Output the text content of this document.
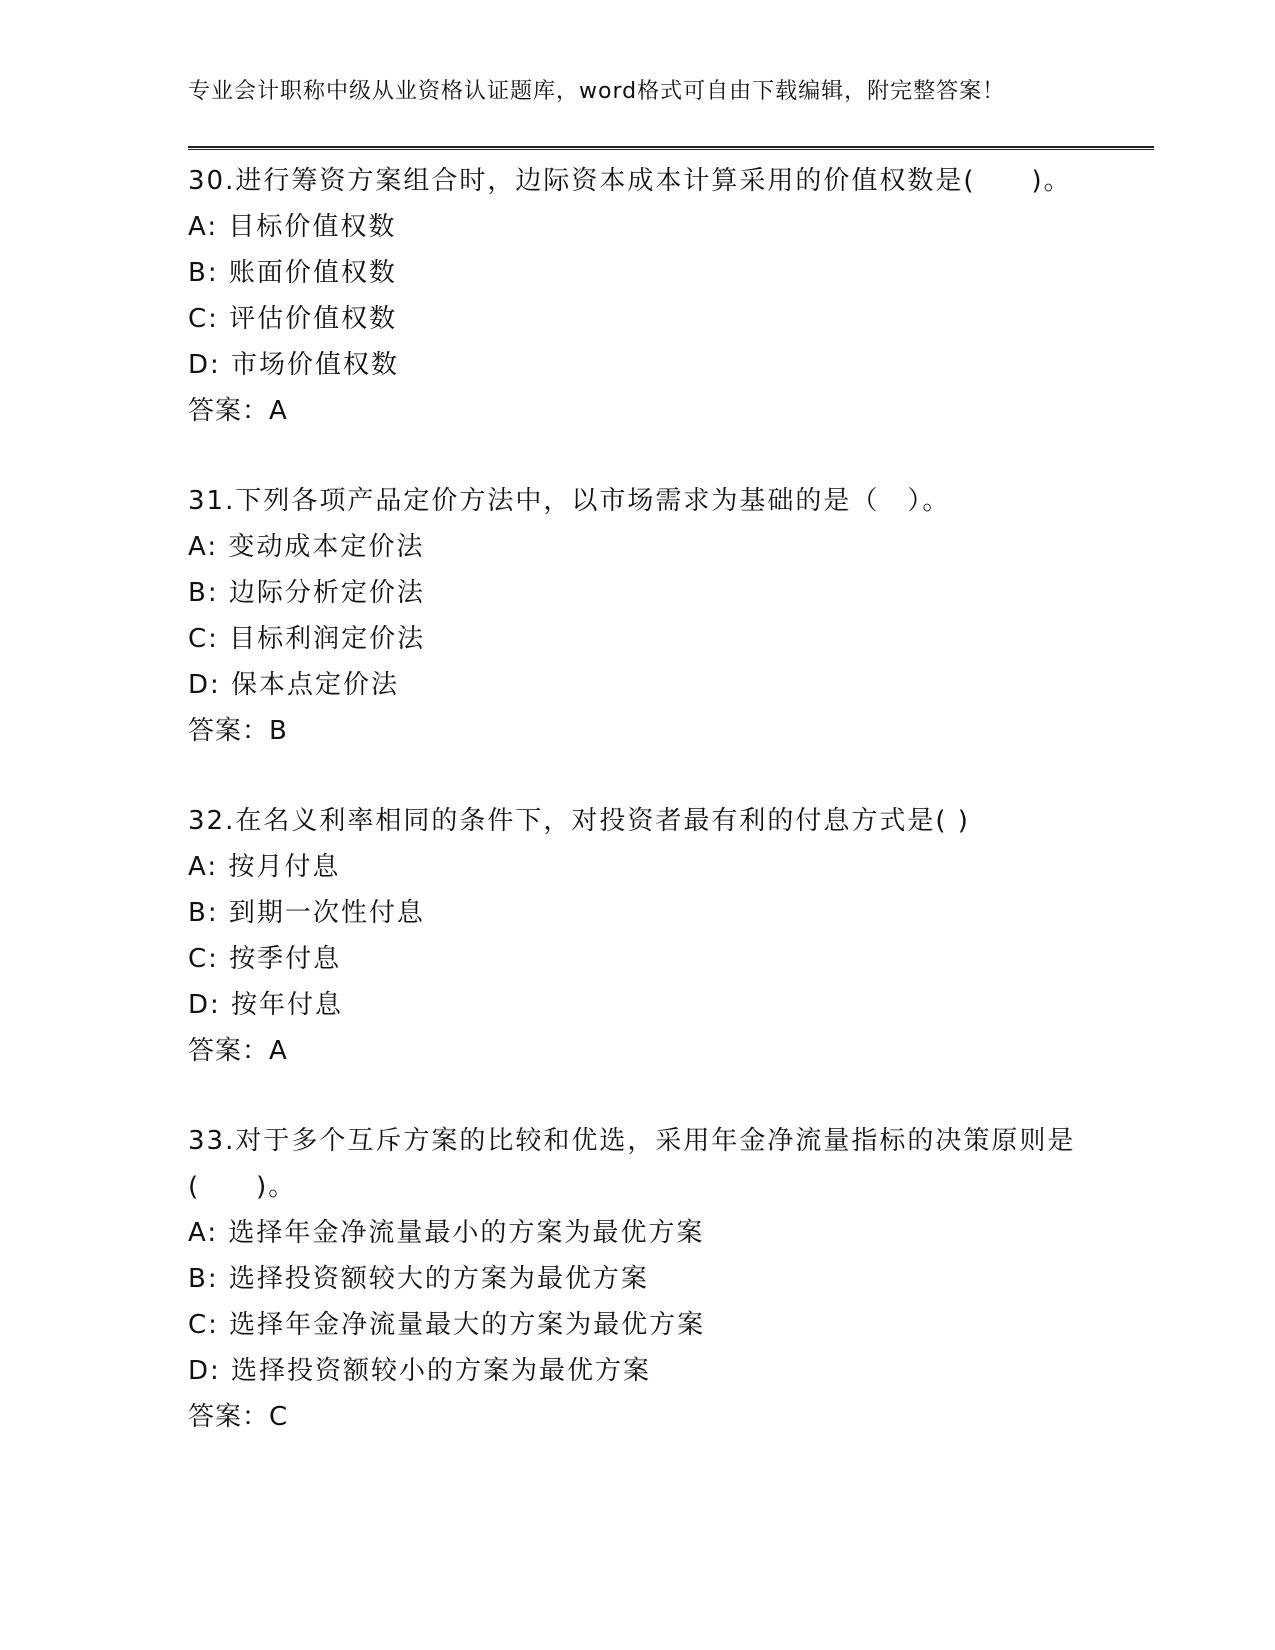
专业会计职称中级从业资格认证题库，word格式可自由下载编辑，附完整答案！

30.进行筹资方案组合时，边际资本成本计算采用的价值权数是(　　)。

A: 目标价值权数
B: 账面价值权数
C: 评估价值权数
D: 市场价值权数
答案：A

31.下列各项产品定价方法中，以市场需求为基础的是（　）。

A: 变动成本定价法
B: 边际分析定价法
C: 目标利润定价法
D: 保本点定价法
答案：B

32.在名义利率相同的条件下，对投资者最有利的付息方式是( )

A: 按月付息
B: 到期一次性付息
C: 按季付息
D: 按年付息
答案：A

33.对于多个互斥方案的比较和优选，采用年金净流量指标的决策原则是(　　)。

A: 选择年金净流量最小的方案为最优方案
B: 选择投资额较大的方案为最优方案
C: 选择年金净流量最大的方案为最优方案
D: 选择投资额较小的方案为最优方案
答案：C
